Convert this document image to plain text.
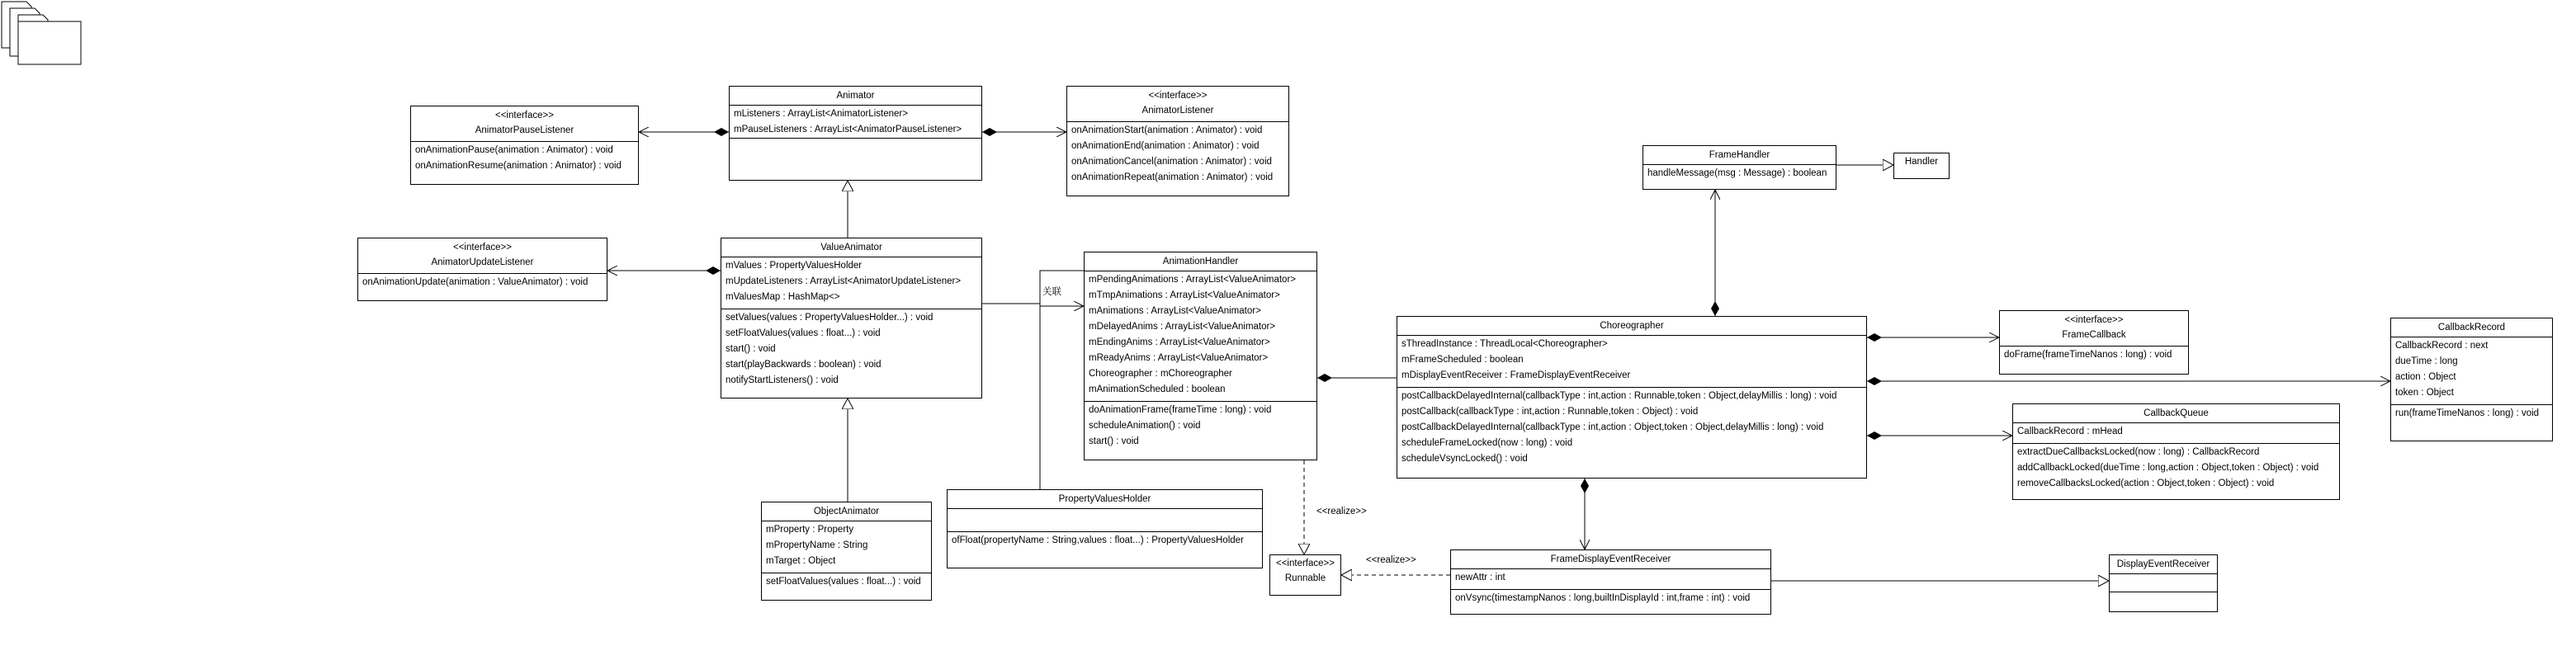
<<interface>>
AnimatorPauseListener
onAnimationPause(animation : Animator) : void
onAnimationResume(animation : Animator) : void
Animator
mListeners : ArrayList<AnimatorListener>
mPauseListeners : ArrayList<AnimatorPauseListener>
<<interface>>
AnimatorListener
onAnimationStart(animation : Animator) : void
onAnimationEnd(animation : Animator) : void
onAnimationCancel(animation : Animator) : void
onAnimationRepeat(animation : Animator) : void
<<interface>>
AnimatorUpdateListener
onAnimationUpdate(animation : ValueAnimator) : void
ValueAnimator
mValues : PropertyValuesHolder
mUpdateListeners : ArrayList<AnimatorUpdateListener>
mValuesMap : HashMap<>
setValues(values : PropertyValuesHolder...) : void
setFloatValues(values : float...) : void
start() : void
start(playBackwards : boolean) : void
notifyStartListeners() : void
ObjectAnimator
mProperty : Property
mPropertyName : String
mTarget : Object
setFloatValues(values : float...) : void
PropertyValuesHolder
ofFloat(propertyName : String,values : float...) : PropertyValuesHolder
AnimationHandler
mPendingAnimations : ArrayList<ValueAnimator>
mTmpAnimations : ArrayList<ValueAnimator>
mAnimations : ArrayList<ValueAnimator>
mDelayedAnims : ArrayList<ValueAnimator>
mEndingAnims : ArrayList<ValueAnimator>
mReadyAnims : ArrayList<ValueAnimator>
Choreographer : mChoreographer
mAnimationScheduled : boolean
doAnimationFrame(frameTime : long) : void
scheduleAnimation() : void
start() : void
<<interface>>
Runnable
Choreographer
sThreadInstance : ThreadLocal<Choreographer>
mFrameScheduled : boolean
mDisplayEventReceiver : FrameDisplayEventReceiver
postCallbackDelayedInternal(callbackType : int,action : Runnable,token : Object,delayMillis : long) : void
postCallback(callbackType : int,action : Runnable,token : Object) : void
postCallbackDelayedInternal(callbackType : int,action : Object,token : Object,delayMillis : long) : void
scheduleFrameLocked(now : long) : void
scheduleVsyncLocked() : void
FrameHandler
handleMessage(msg : Message) : boolean
Handler
<<interface>>
FrameCallback
doFrame(frameTimeNanos : long) : void
CallbackRecord
CallbackRecord : next
dueTime : long
action : Object
token : Object
run(frameTimeNanos : long) : void
CallbackQueue
CallbackRecord : mHead
extractDueCallbacksLocked(now : long) : CallbackRecord
addCallbackLocked(dueTime : long,action : Object,token : Object) : void
removeCallbacksLocked(action : Object,token : Object) : void
FrameDisplayEventReceiver
newAttr : int
onVsync(timestampNanos : long,builtInDisplayId : int,frame : int) : void
DisplayEventReceiver
关联
<<realize>>
<<realize>>
